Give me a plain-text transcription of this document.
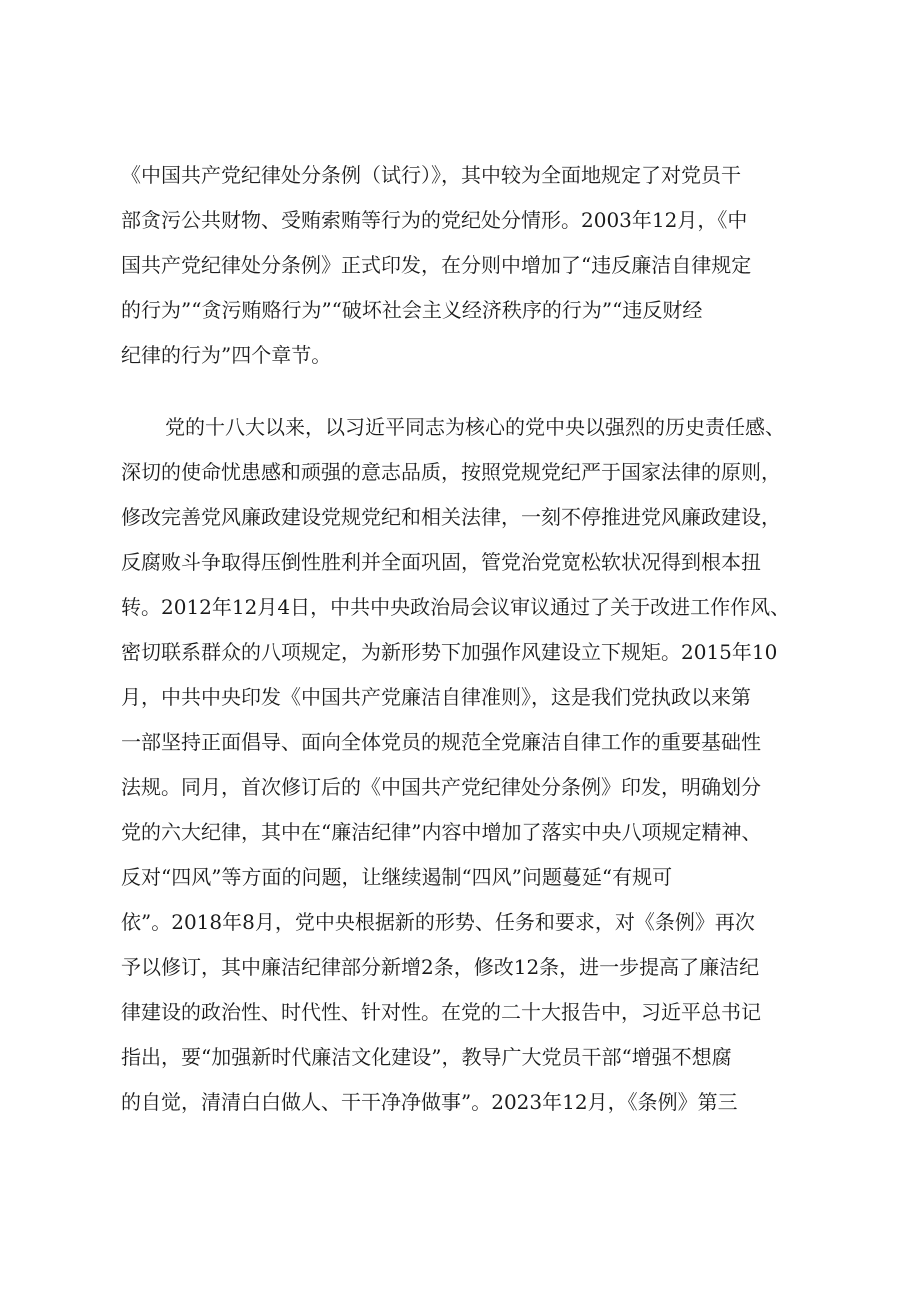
《中国共产党纪律处分条例（试行）》，其中较为全面地规定了对党员干
部贪污公共财物、受贿索贿等行为的党纪处分情形。2003年12月，《中
国共产党纪律处分条例》正式印发，在分则中增加了“违反廉洁自律规定
的行为”“贪污贿赂行为”“破坏社会主义经济秩序的行为”“违反财经
纪律的行为”四个章节。
党的十八大以来，以习近平同志为核心的党中央以强烈的历史责任感、
深切的使命忧患感和顽强的意志品质，按照党规党纪严于国家法律的原则，
修改完善党风廉政建设党规党纪和相关法律，一刻不停推进党风廉政建设，
反腐败斗争取得压倒性胜利并全面巩固，管党治党宽松软状况得到根本扭
转。2012年12月4日，中共中央政治局会议审议通过了关于改进工作作风、
密切联系群众的八项规定，为新形势下加强作风建设立下规矩。2015年10
月，中共中央印发《中国共产党廉洁自律准则》，这是我们党执政以来第
一部坚持正面倡导、面向全体党员的规范全党廉洁自律工作的重要基础性
法规。同月，首次修订后的《中国共产党纪律处分条例》印发，明确划分
党的六大纪律，其中在“廉洁纪律”内容中增加了落实中央八项规定精神、
反对“四风”等方面的问题，让继续遏制“四风”问题蔓延“有规可
依”。2018年8月，党中央根据新的形势、任务和要求，对《条例》再次
予以修订，其中廉洁纪律部分新增2条，修改12条，进一步提高了廉洁纪
律建设的政治性、时代性、针对性。在党的二十大报告中，习近平总书记
指出，要“加强新时代廉洁文化建设”，教导广大党员干部“增强不想腐
的自觉，清清白白做人、干干净净做事”。2023年12月，《条例》第三
